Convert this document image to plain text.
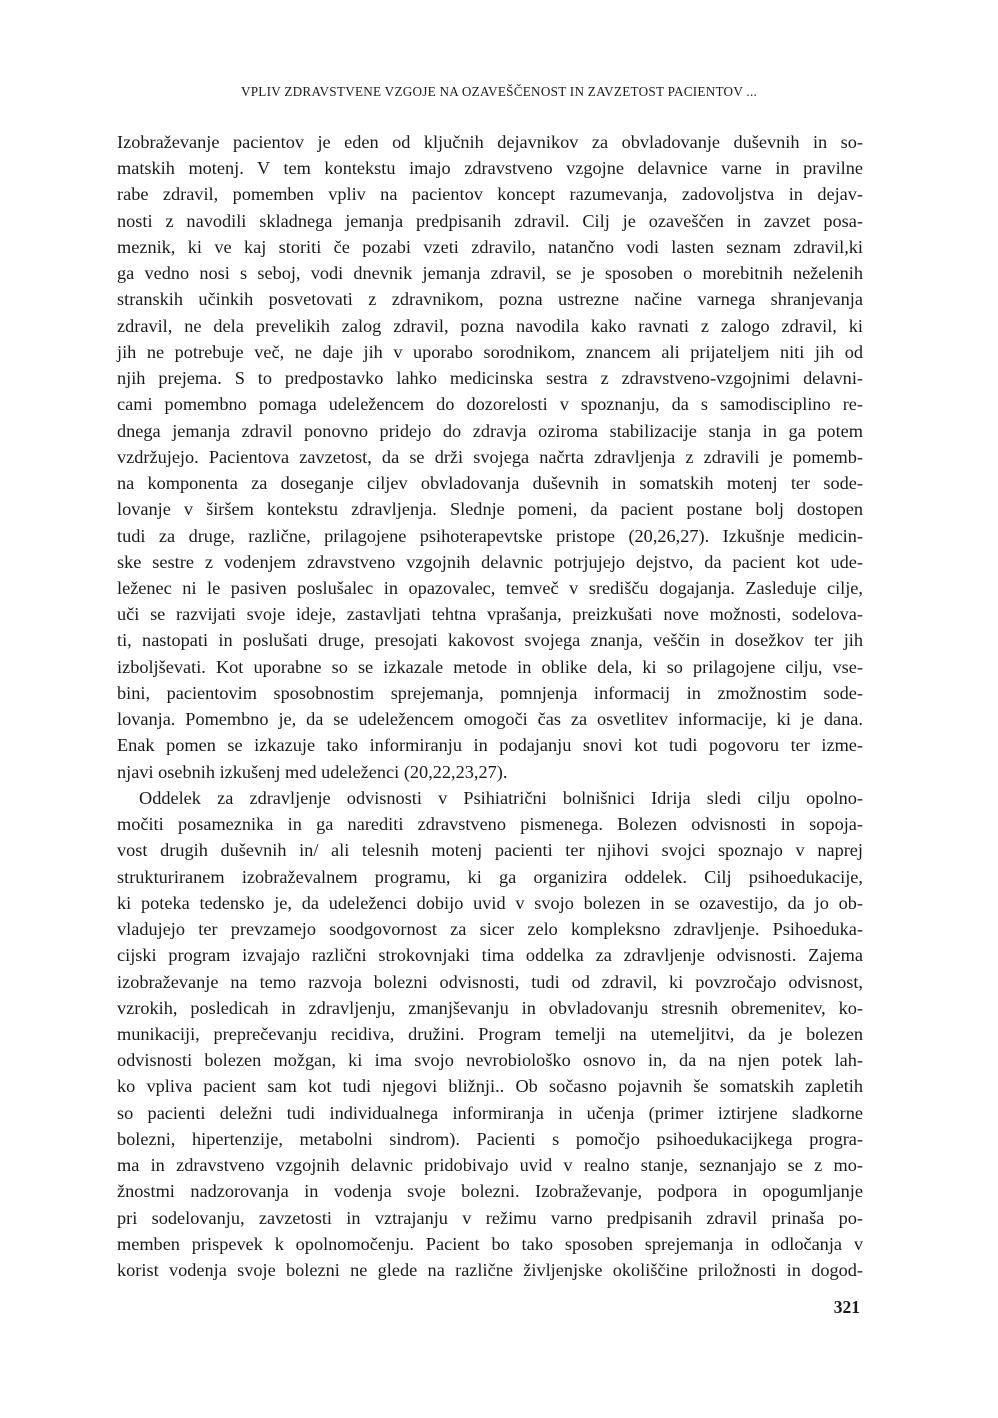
VPLIV ZDRAVSTVENE VZGOJE NA OZAVEŠČENOST IN ZAVZETOST PACIENTOV ...
Izobraževanje pacientov je eden od ključnih dejavnikov za obvladovanje duševnih in so-
matskih motenj. V tem kontekstu imajo zdravstveno vzgojne delavnice varne in pravilne
rabe zdravil, pomemben vpliv na pacientov koncept razumevanja, zadovoljstva in dejav-
nosti z navodili skladnega jemanja predpisanih zdravil. Cilj je ozaveščen in zavzet posa-
meznik, ki ve kaj storiti če pozabi vzeti zdravilo, natančno vodi lasten seznam zdravil,ki
ga vedno nosi s seboj, vodi dnevnik jemanja zdravil, se je sposoben o morebitnih neželenih
stranskih učinkih posvetovati z zdravnikom, pozna ustrezne načine varnega shranjevanja
zdravil, ne dela prevelikih zalog zdravil, pozna navodila kako ravnati z zalogo zdravil, ki
jih ne potrebuje več, ne daje jih v uporabo sorodnikom, znancem ali prijateljem niti jih od
njih prejema. S to predpostavko lahko medicinska sestra z zdravstveno-vzgojnimi delavni-
cami pomembno pomaga udeležencem do dozorelosti v spoznanju, da s samodisciplino re-
dnega jemanja zdravil ponovno pridejo do zdravja oziroma stabilizacije stanja in ga potem
vzdržujejo. Pacientova zavzetost, da se drži svojega načrta zdravljenja z zdravili je pomemb-
na komponenta za doseganje ciljev obvladovanja duševnih in somatskih motenj ter sode-
lovanje v širšem kontekstu zdravljenja. Slednje pomeni, da pacient postane bolj dostopen
tudi za druge, različne, prilagojene psihoterapevtske pristope (20,26,27). Izkušnje medicin-
ske sestre z vodenjem zdravstveno vzgojnih delavnic potrjujejo dejstvo, da pacient kot ude-
leženec ni le pasiven poslušalec in opazovalec, temveč v središču dogajanja. Zasleduje cilje,
uči se razvijati svoje ideje, zastavljati tehtna vprašanja, preizkušati nove možnosti, sodelova-
ti, nastopati in poslušati druge, presojati kakovost svojega znanja, veščin in dosežkov ter jih
izboljševati. Kot uporabne so se izkazale metode in oblike dela, ki so prilagojene cilju, vse-
bini, pacientovim sposobnostim sprejemanja, pomnjenja informacij in zmožnostim sode-
lovanja. Pomembno je, da se udeležencem omogoči čas za osvetlitev informacije, ki je dana.
Enak pomen se izkazuje tako informiranju in podajanju snovi kot tudi pogovoru ter izme-
njavi osebnih izkušenj med udeleženci (20,22,23,27).
Oddelek za zdravljenje odvisnosti v Psihiatrični bolnišnici Idrija sledi cilju opolno-
močiti posameznika in ga narediti zdravstveno pismenega. Bolezen odvisnosti in sopoja-
vost drugih duševnih in/ ali telesnih motenj pacienti ter njihovi svojci spoznajo v naprej
strukturiranem izobraževalnem programu, ki ga organizira oddelek. Cilj psihoedukacije,
ki poteka tedensko je, da udeleženci dobijo uvid v svojo bolezen in se ozavestijo, da jo ob-
vladujejo ter prevzamejo soodgovornost za sicer zelo kompleksno zdravljenje. Psihoeduka-
cijski program izvajajo različni strokovnjaki tima oddelka za zdravljenje odvisnosti. Zajema
izobraževanje na temo razvoja bolezni odvisnosti, tudi od zdravil, ki povzročajo odvisnost,
vzrokih, posledicah in zdravljenju, zmanjševanju in obvladovanju stresnih obremenitev, ko-
munikaciji, preprečevanju recidiva, družini. Program temelji na utemeljitvi, da je bolezen
odvisnosti bolezen možgan, ki ima svojo nevrobiološko osnovo in, da na njen potek lah-
ko vpliva pacient sam kot tudi njegovi bližnji.. Ob sočasno pojavnih še somatskih zapletih
so pacienti deležni tudi individualnega informiranja in učenja (primer iztirjene sladkorne
bolezni, hipertenzije, metabolni sindrom). Pacienti s pomočjo psihoedukacijkega progra-
ma in zdravstveno vzgojnih delavnic pridobivajo uvid v realno stanje, seznanjajo se z mo-
žnostmi nadzorovanja in vodenja svoje bolezni. Izobraževanje, podpora in opogumljanje
pri sodelovanju, zavzetosti in vztrajanju v režimu varno predpisanih zdravil prinaša po-
memben prispevek k opolnomočenju. Pacient bo tako sposoben sprejemanja in odločanja v
korist vodenja svoje bolezni ne glede na različne življenjske okoliščine priložnosti in dogod-
321
